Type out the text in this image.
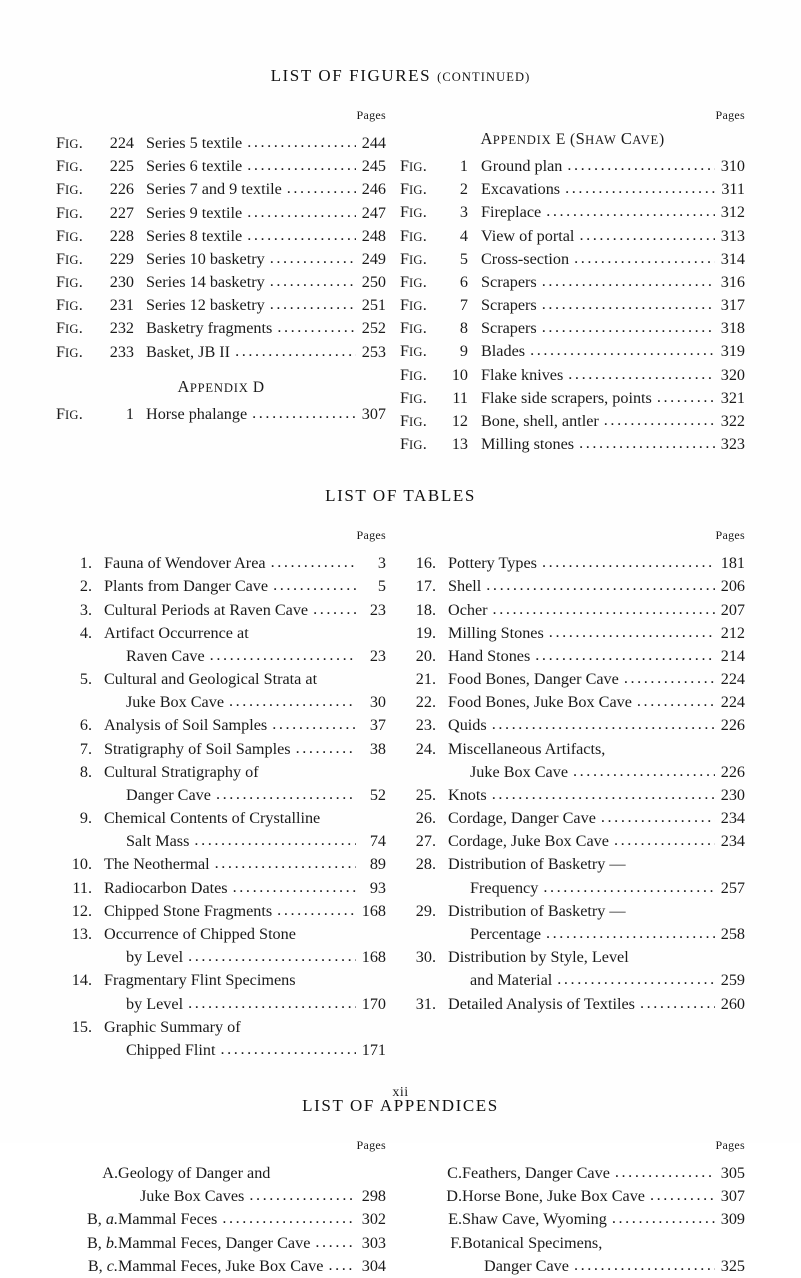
LIST OF FIGURES (CONTINUED)
Pages
FIG.	224 Series 5 textile .....	244
FIG.	225 Series 6 textile .....	245
FIG.	226 Series 7 and 9 textile .....	246
FIG.	227 Series 9 textile .....	247
FIG.	228 Series 8 textile .....	248
FIG.	229 Series 10 basketry .....	249
FIG.	230 Series 14 basketry .....	250
FIG.	231 Series 12 basketry .....	251
FIG.	232 Basketry fragments .....	252
FIG.	233 Basket, JB II .....	253
APPENDIX D
FIG.	1 Horse phalange .....	307
Pages
APPENDIX E (SHAW CAVE)
FIG.	1 Ground plan .....	310
FIG.	2 Excavations .....	311
FIG.	3 Fireplace .....	312
FIG.	4 View of portal .....	313
FIG.	5 Cross-section .....	314
FIG.	6 Scrapers .....	316
FIG.	7 Scrapers .....	317
FIG.	8 Scrapers .....	318
FIG.	9 Blades .....	319
FIG.	10 Flake knives .....	320
FIG.	11 Flake side scrapers, points .....	321
FIG.	12 Bone, shell, antler .....	322
FIG.	13 Milling stones .....	323
LIST OF TABLES
Pages
1. Fauna of Wendover Area .....	3
2. Plants from Danger Cave .....	5
3. Cultural Periods at Raven Cave .....	23
4. Artifact Occurrence at
Raven Cave .....	23
5. Cultural and Geological Strata at
Juke Box Cave .....	30
6. Analysis of Soil Samples .....	37
7. Stratigraphy of Soil Samples .....	38
8. Cultural Stratigraphy of
Danger Cave .....	52
9. Chemical Contents of Crystalline
Salt Mass .....	74
10. The Neothermal .....	89
11. Radiocarbon Dates .....	93
12. Chipped Stone Fragments .....	168
13. Occurrence of Chipped Stone
by Level .....	168
14. Fragmentary Flint Specimens
by Level .....	170
15. Graphic Summary of
Chipped Flint .....	171
Pages
16. Pottery Types .....	181
17. Shell .....	206
18. Ocher .....	207
19. Milling Stones .....	212
20. Hand Stones .....	214
21. Food Bones, Danger Cave .....	224
22. Food Bones, Juke Box Cave .....	224
23. Quids .....	226
24. Miscellaneous Artifacts,
Juke Box Cave .....	226
25. Knots .....	230
26. Cordage, Danger Cave .....	234
27. Cordage, Juke Box Cave .....	234
28. Distribution of Basketry —
Frequency .....	257
29. Distribution of Basketry —
Percentage .....	258
30. Distribution by Style, Level
and Material .....	259
31. Detailed Analysis of Textiles .....	260
LIST OF APPENDICES
Pages
A. Geology of Danger and
Juke Box Caves .....	298
B, a. Mammal Feces .....	302
B, b. Mammal Feces, Danger Cave .....	303
B, c. Mammal Feces, Juke Box Cave ..... 304
Pages
C. Feathers, Danger Cave .....	305
D. Horse Bone, Juke Box Cave .....	307
E. Shaw Cave, Wyoming .....	309
F. Botanical Specimens,
Danger Cave .....	325
xii
